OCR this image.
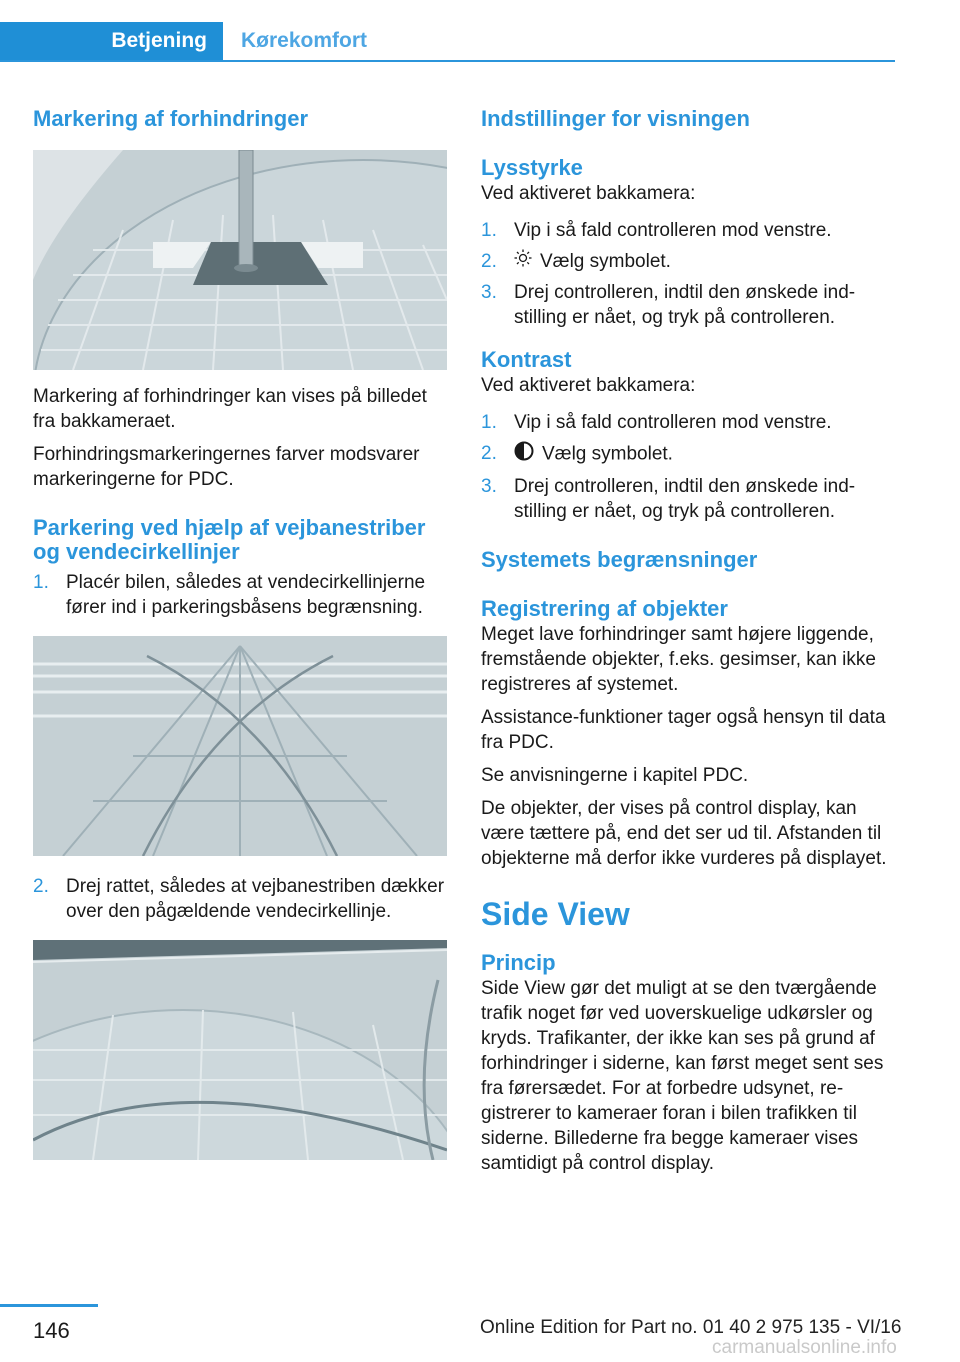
Betjening	Kørekomfort
Markering af forhindringer

Markering af forhindringer kan vises på billedet fra bakkameraet.

Forhindringsmarkeringernes farver modsvarer markeringerne for PDC.

Parkering ved hjælp af vejbanestriber og vendecirkellinjer
1. Placér bilen, således at vendecirkellinjerne fører ind i parkeringsbåsens begrænsning.
2. Drej rattet, således at vejbanestriben dækker over den pågældende vendecirkellinje.
Indstillinger for visningen
Lysstyrke

Ved aktiveret bakkamera:

1. Vip i så fald controlleren mod venstre.
2. Vælg symbolet.
3. Drej controlleren, indtil den ønskede indstilling er nået, og tryk på controlleren.
Kontrast

Ved aktiveret bakkamera:

1. Vip i så fald controlleren mod venstre.
2. Vælg symbolet.
3. Drej controlleren, indtil den ønskede indstilling er nået, og tryk på controlleren.
Systemets begrænsninger
Registrering af objekter

Meget lave forhindringer samt højere liggende, fremstående objekter, f.eks. gesimser, kan ikke registreres af systemet.

Assistance-funktioner tager også hensyn til data fra PDC.

Se anvisningerne i kapitel PDC.

De objekter, der vises på control display, kan være tættere på, end det ser ud til. Afstanden til objekterne må derfor ikke vurderes på displayet.

Side View
Princip

Side View gør det muligt at se den tværgående trafik noget før ved uoverskuelige udkørsler og kryds. Trafikanter, der ikke kan ses på grund af forhindringer i siderne, kan først meget sent ses fra førersædet. For at forbedre udsynet, registrerer to kameraer foran i bilen trafikken til siderne. Billederne fra begge kameraer vises samtidigt på control display.

146	Online Edition for Part no. 01 40 2 975 135 - VI/16
carmanualsonline.info
